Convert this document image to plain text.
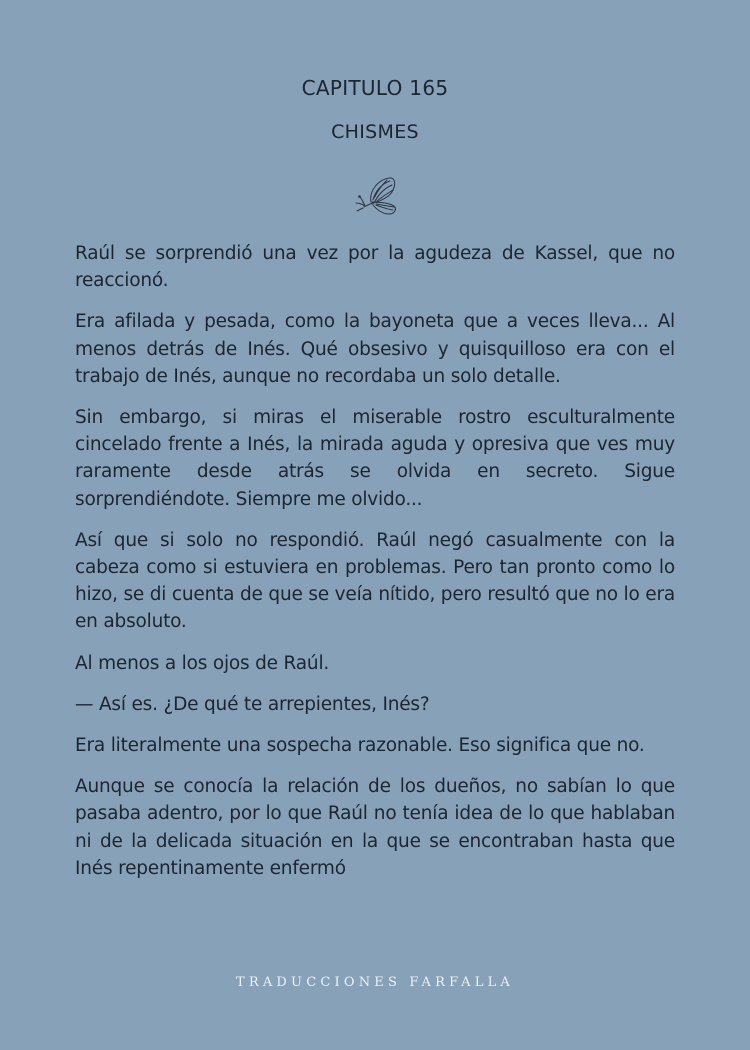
CAPITULO 165
CHISMES

Raúl se sorprendió una vez por la agudeza de Kassel, que no reaccionó.

Era afilada y pesada, como la bayoneta que a veces lleva... Al menos detrás de Inés. Qué obsesivo y quisquilloso era con el trabajo de Inés, aunque no recordaba un solo detalle.

Sin embargo, si miras el miserable rostro esculturalmente cincelado frente a Inés, la mirada aguda y opresiva que ves muy raramente desde atrás se olvida en secreto. Sigue sorprendiéndote. Siempre me olvido...

Así que si solo no respondió. Raúl negó casualmente con la cabeza como si estuviera en problemas. Pero tan pronto como lo hizo, se di cuenta de que se veía nítido, pero resultó que no lo era en absoluto.

Al menos a los ojos de Raúl.

— Así es. ¿De qué te arrepientes, Inés?

Era literalmente una sospecha razonable. Eso significa que no.

Aunque se conocía la relación de los dueños, no sabían lo que pasaba adentro, por lo que Raúl no tenía idea de lo que hablaban ni de la delicada situación en la que se encontraban hasta que Inés repentinamente enfermó

TRADUCCIONES FARFALLA
